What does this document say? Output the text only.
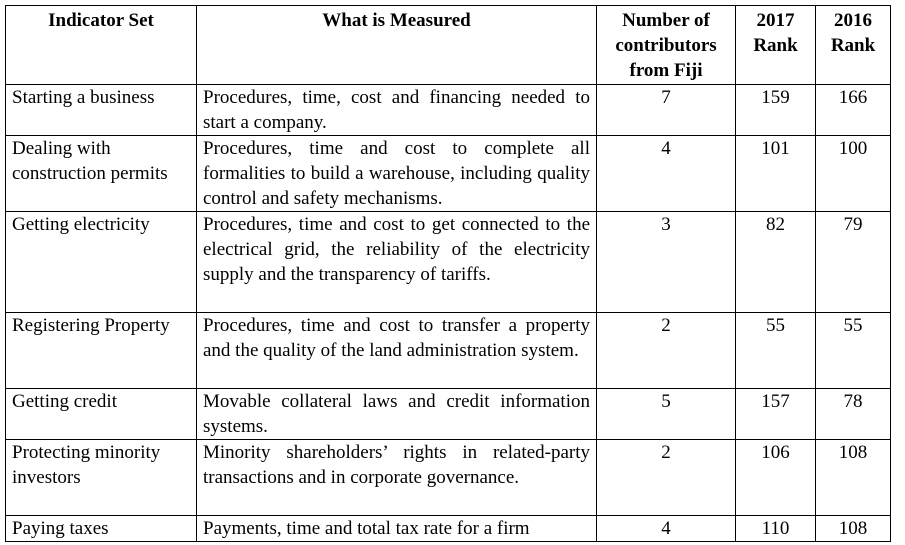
Indicator Set	What is Measured	Number of contributors from Fiji	2017 Rank	2016 Rank
Starting a business	Procedures, time, cost and financing needed to start a company.	7	159	166
Dealing with construction permits	Procedures, time and cost to complete all formalities to build a warehouse, including quality control and safety mechanisms.	4	101	100
Getting electricity	Procedures, time and cost to get connected to the electrical grid, the reliability of the electricity supply and the transparency of tariffs.	3	82	79
Registering Property	Procedures, time and cost to transfer a property and the quality of the land administration system.	2	55	55
Getting credit	Movable collateral laws and credit information systems.	5	157	78
Protecting minority investors	Minority shareholders’ rights in related-party transactions and in corporate governance.	2	106	108
Paying taxes	Payments, time and total tax rate for a firm	4	110	108
